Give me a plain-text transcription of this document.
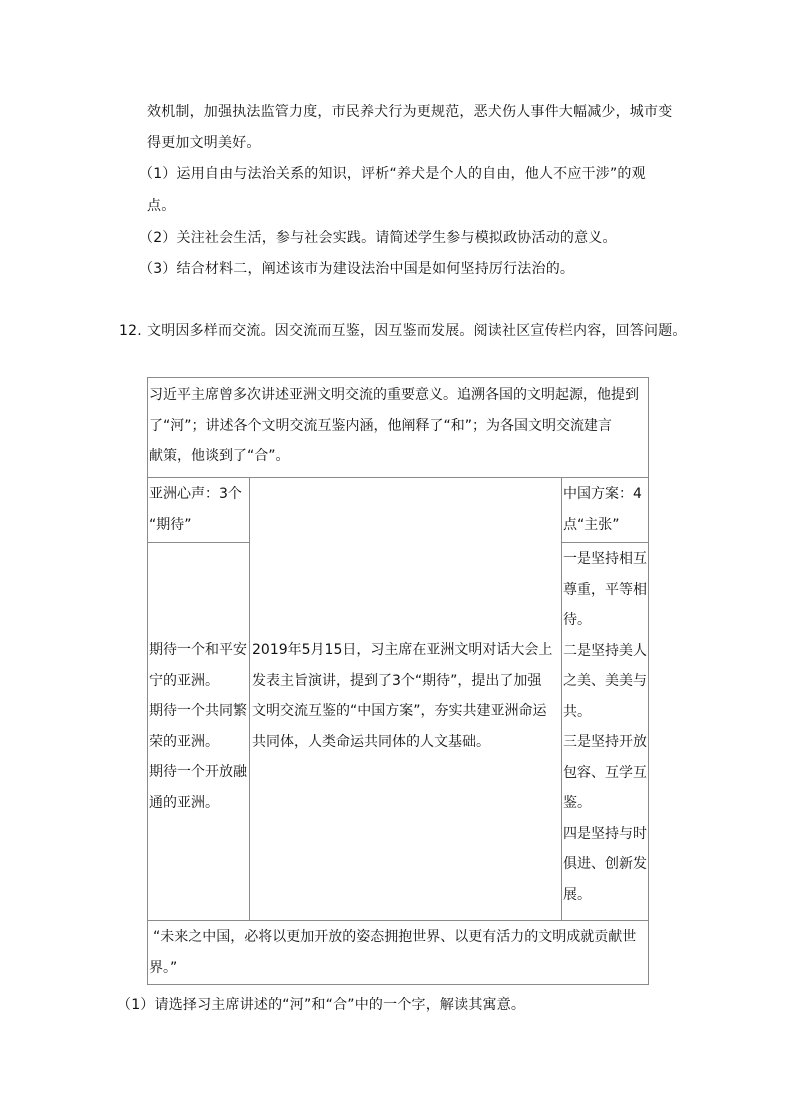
效机制，加强执法监管力度，市民养犬行为更规范，恶犬伤人事件大幅减少，城市变
得更加文明美好。
（1）运用自由与法治关系的知识，评析“养犬是个人的自由，他人不应干涉”的观
点。
（2）关注社会生活，参与社会实践。请简述学生参与模拟政协活动的意义。
（3）结合材料二，阐述该市为建设法治中国是如何坚持厉行法治的。
12. 文明因多样而交流。因交流而互鉴，因互鉴而发展。阅读社区宣传栏内容，回答问题。
习近平主席曾多次讲述亚洲文明交流的重要意义。追溯各国的文明起源，他提到
了“河”；讲述各个文明交流互鉴内涵，他阐释了“和”；为各国文明交流建言
献策，他谈到了“合”。
亚洲心声：3个
“期待”
期待一个和平安
宁的亚洲。
期待一个共同繁
荣的亚洲。
期待一个开放融
通的亚洲。
2019年5月15日，习主席在亚洲文明对话大会上
发表主旨演讲，提到了3个“期待”，提出了加强
文明交流互鉴的“中国方案”，夯实共建亚洲命运
共同体，人类命运共同体的人文基础。
中国方案：4
点“主张”
一是坚持相互
尊重，平等相
待。
二是坚持美人
之美、美美与
共。
三是坚持开放
包容、互学互
鉴。
四是坚持与时
俱进、创新发
展。
“未来之中国，必将以更加开放的姿态拥抱世界、以更有活力的文明成就贡献世
界。”
（1）请选择习主席讲述的“河”和“合”中的一个字，解读其寓意。
